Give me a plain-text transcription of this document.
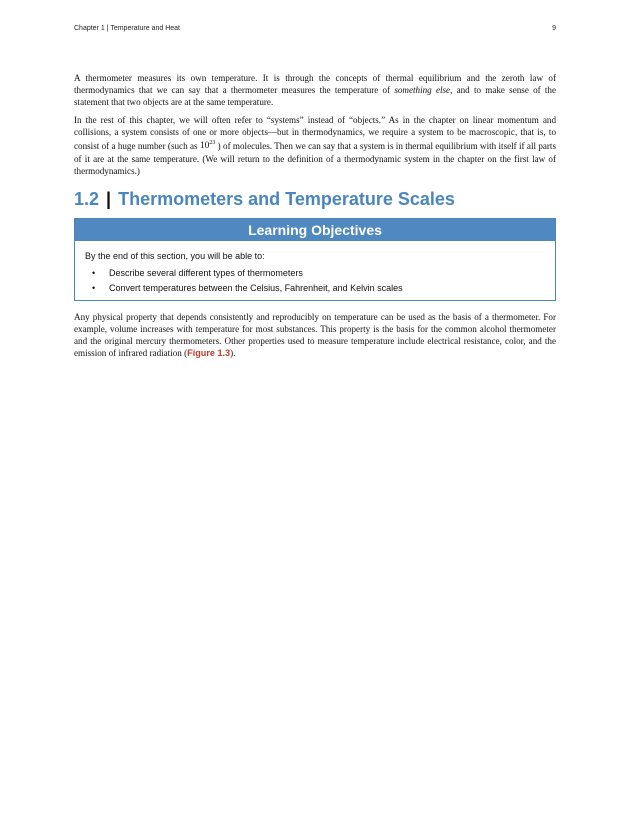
Chapter 1 | Temperature and Heat	9

A thermometer measures its own temperature. It is through the concepts of thermal equilibrium and the zeroth law of thermodynamics that we can say that a thermometer measures the temperature of something else, and to make sense of the statement that two objects are at the same temperature.

In the rest of this chapter, we will often refer to “systems” instead of “objects.” As in the chapter on linear momentum and collisions, a system consists of one or more objects—but in thermodynamics, we require a system to be macroscopic, that is, to consist of a huge number (such as $10^{23}$ ) of molecules. Then we can say that a system is in thermal equilibrium with itself if all parts of it are at the same temperature. (We will return to the definition of a thermodynamic system in the chapter on the first law of thermodynamics.)

1.2 | Thermometers and Temperature Scales
Learning Objectives

By the end of this section, you will be able to:

• Describe several different types of thermometers
• Convert temperatures between the Celsius, Fahrenheit, and Kelvin scales

Any physical property that depends consistently and reproducibly on temperature can be used as the basis of a thermometer. For example, volume increases with temperature for most substances. This property is the basis for the common alcohol thermometer and the original mercury thermometers. Other properties used to measure temperature include electrical resistance, color, and the emission of infrared radiation (Figure 1.3).
